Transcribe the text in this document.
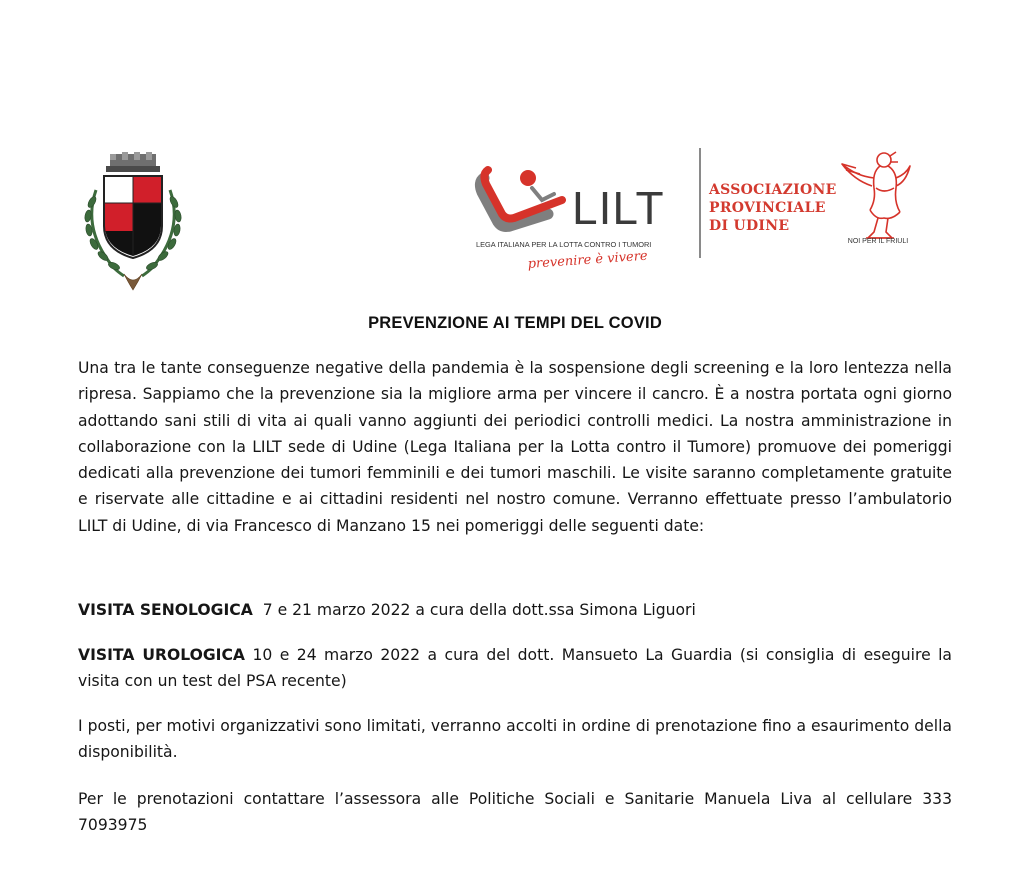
LILT
LEGA ITALIANA PER LA LOTTA CONTRO I TUMORI
prevenire è vivere
ASSOCIAZIONE
PROVINCIALE
DI UDINE
NOI PER IL FRIULI
PREVENZIONE AI TEMPI DEL COVID
Una tra le tante conseguenze negative della pandemia è la sospensione degli screening e la loro lentezza nella ripresa. Sappiamo che la prevenzione sia la migliore arma per vincere il cancro. È a nostra portata ogni giorno adottando sani stili di vita ai quali vanno aggiunti dei periodici controlli medici. La nostra amministrazione in collaborazione con la LILT sede di Udine (Lega Italiana per la Lotta contro il Tumore) promuove dei pomeriggi dedicati alla prevenzione dei tumori femminili e dei tumori maschili. Le visite saranno completamente gratuite e riservate alle cittadine e ai cittadini residenti nel nostro comune. Verranno effettuate presso l’ambulatorio LILT di Udine, di via Francesco di Manzano 15 nei pomeriggi delle seguenti date:
VISITA SENOLOGICA  7 e 21 marzo 2022 a cura della dott.ssa Simona Liguori
VISITA UROLOGICA 10 e 24 marzo 2022 a cura del dott. Mansueto La Guardia (si consiglia di eseguire la visita con un test del PSA recente)
I posti, per motivi organizzativi sono limitati, verranno accolti in ordine di prenotazione fino a esaurimento della disponibilità.
Per le prenotazioni contattare l’assessora alle Politiche Sociali e Sanitarie Manuela Liva al cellulare 333 7093975
